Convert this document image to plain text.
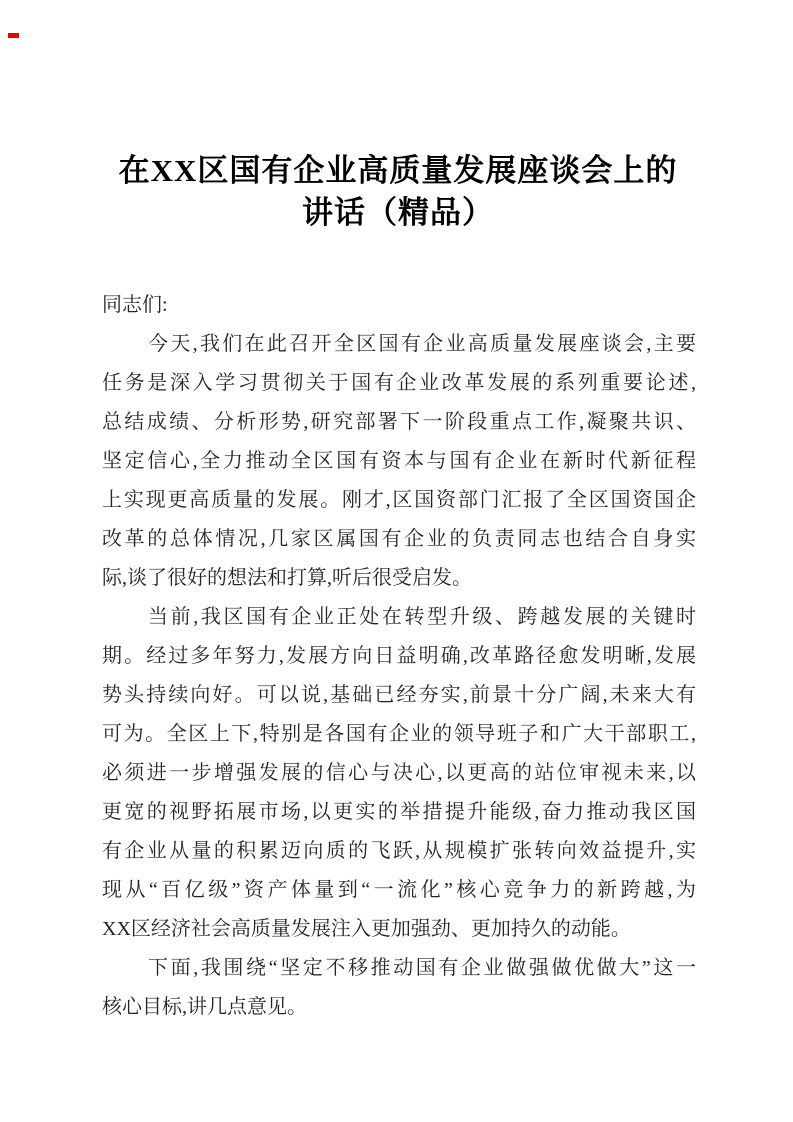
在XX区国有企业高质量发展座谈会上的
讲话（精品）
同志们:
今天,我们在此召开全区国有企业高质量发展座谈会,主要
任务是深入学习贯彻关于国有企业改革发展的系列重要论述,
总结成绩、分析形势,研究部署下一阶段重点工作,凝聚共识、
坚定信心,全力推动全区国有资本与国有企业在新时代新征程
上实现更高质量的发展。刚才,区国资部门汇报了全区国资国企
改革的总体情况,几家区属国有企业的负责同志也结合自身实
际,谈了很好的想法和打算,听后很受启发。
当前,我区国有企业正处在转型升级、跨越发展的关键时
期。经过多年努力,发展方向日益明确,改革路径愈发明晰,发展
势头持续向好。可以说,基础已经夯实,前景十分广阔,未来大有
可为。全区上下,特别是各国有企业的领导班子和广大干部职工,
必须进一步增强发展的信心与决心,以更高的站位审视未来,以
更宽的视野拓展市场,以更实的举措提升能级,奋力推动我区国
有企业从量的积累迈向质的飞跃,从规模扩张转向效益提升,实
现从“百亿级”资产体量到“一流化”核心竞争力的新跨越,为
XX区经济社会高质量发展注入更加强劲、更加持久的动能。
下面,我围绕“坚定不移推动国有企业做强做优做大”这一
核心目标,讲几点意见。
